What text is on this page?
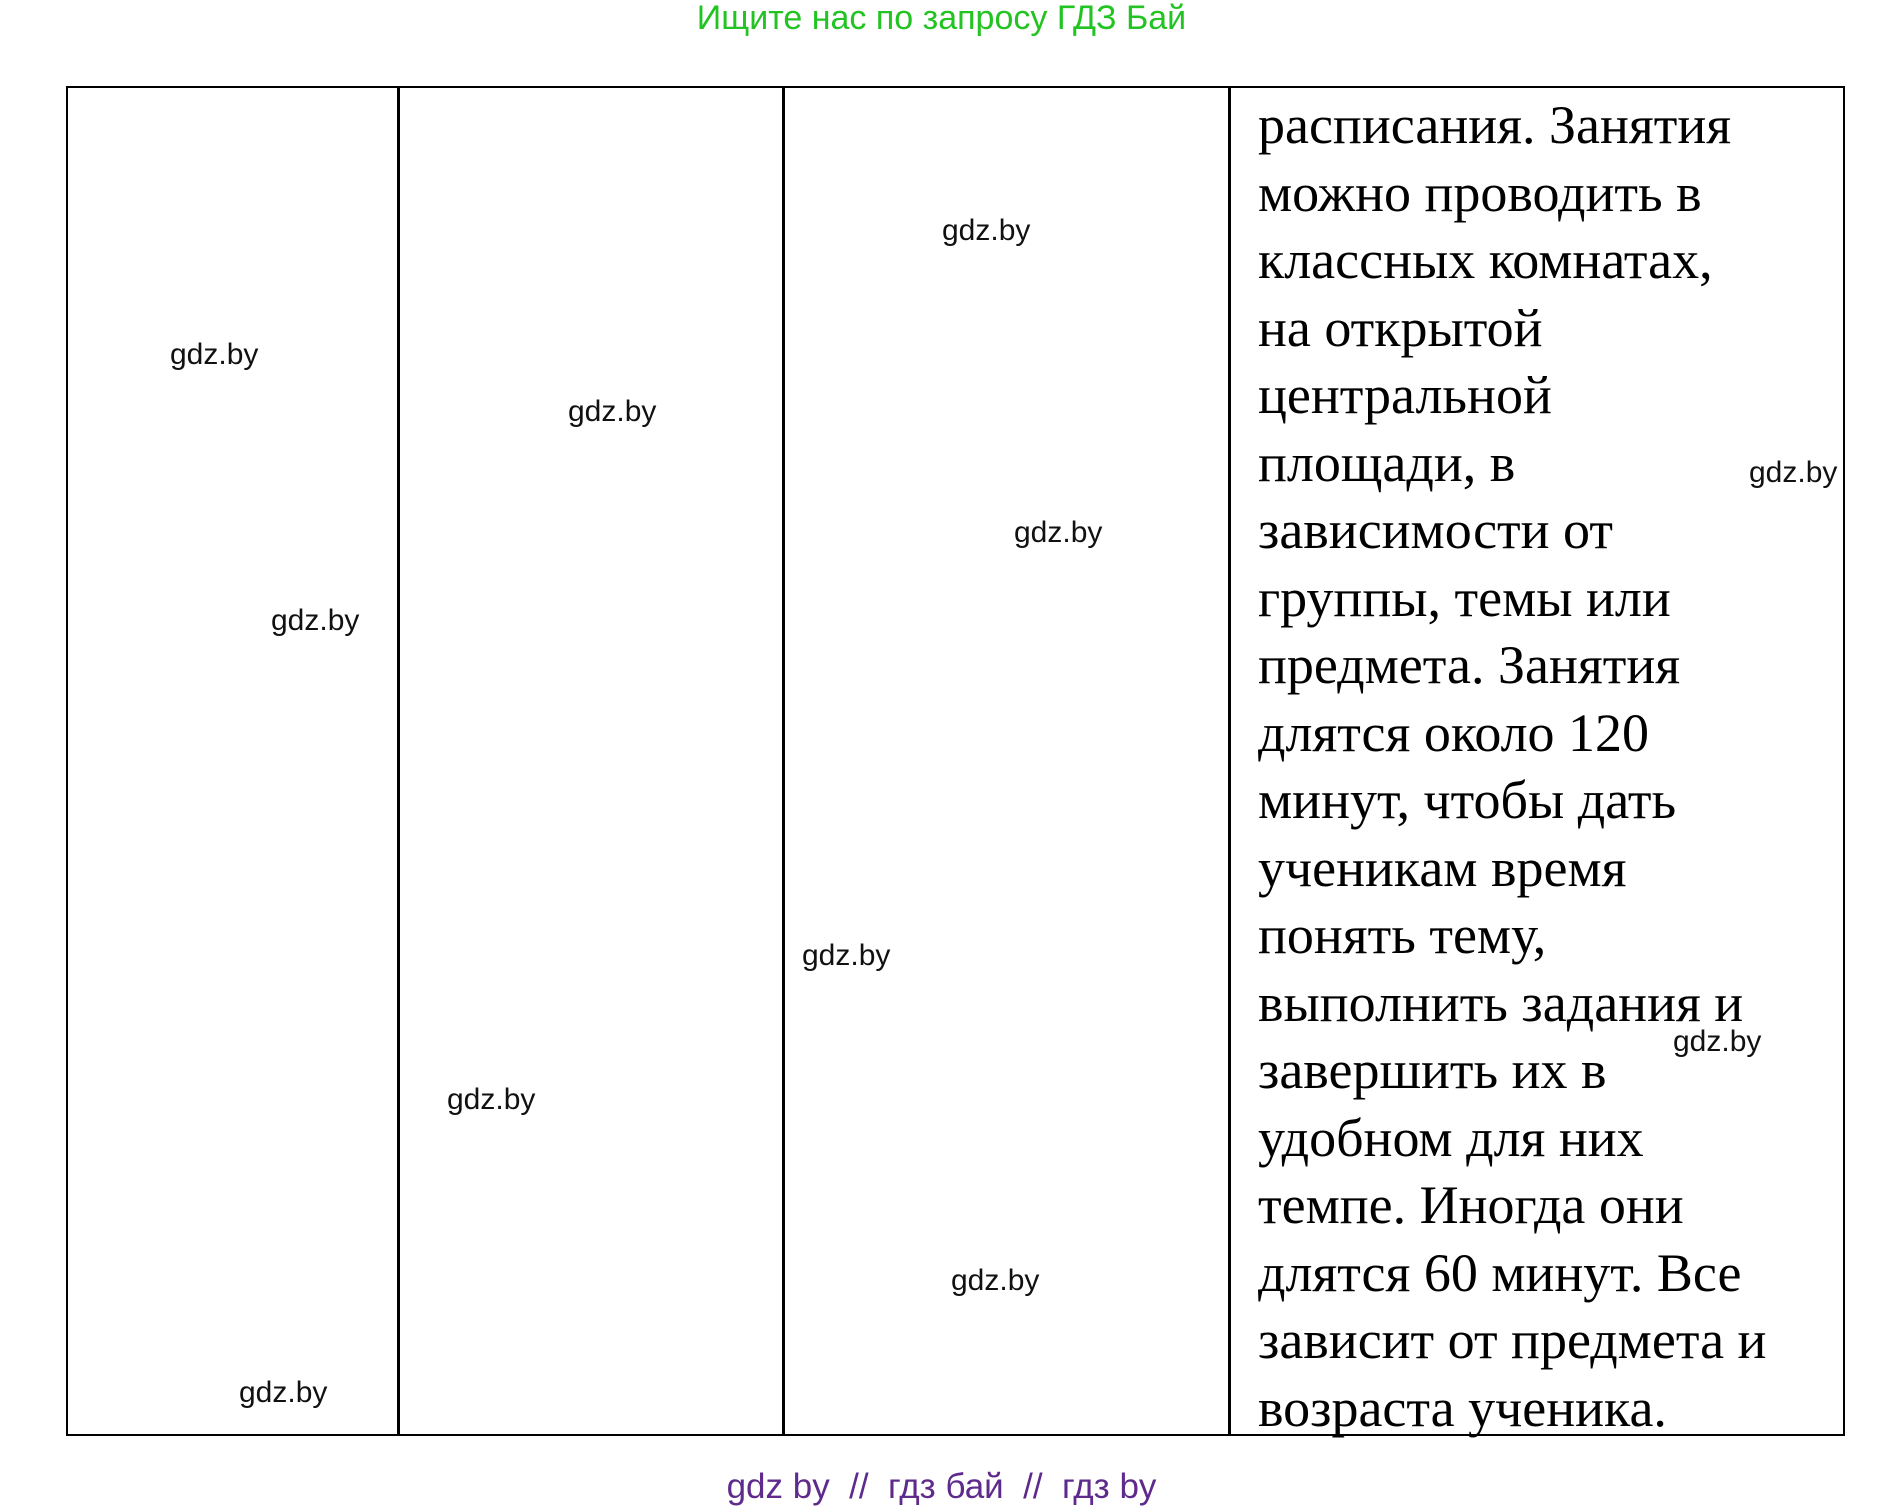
Ищите нас по запросу ГДЗ Бай

расписания. Занятия
можно проводить в
классных комнатах,
на открытой
центральной
площади, в
зависимости от
группы, темы или
предмета. Занятия
длятся около 120
минут, чтобы дать
ученикам время
понять тему,
выполнить задания и
завершить их в
удобном для них
темпе. Иногда они
длятся 60 минут. Все
зависит от предмета и
возраста ученика.

gdz.by
gdz.by
gdz.by
gdz.by
gdz.by
gdz.by
gdz.by
gdz.by
gdz.by
gdz.by
gdz.by
gdz by  //  гдз бай  //  гдз by
